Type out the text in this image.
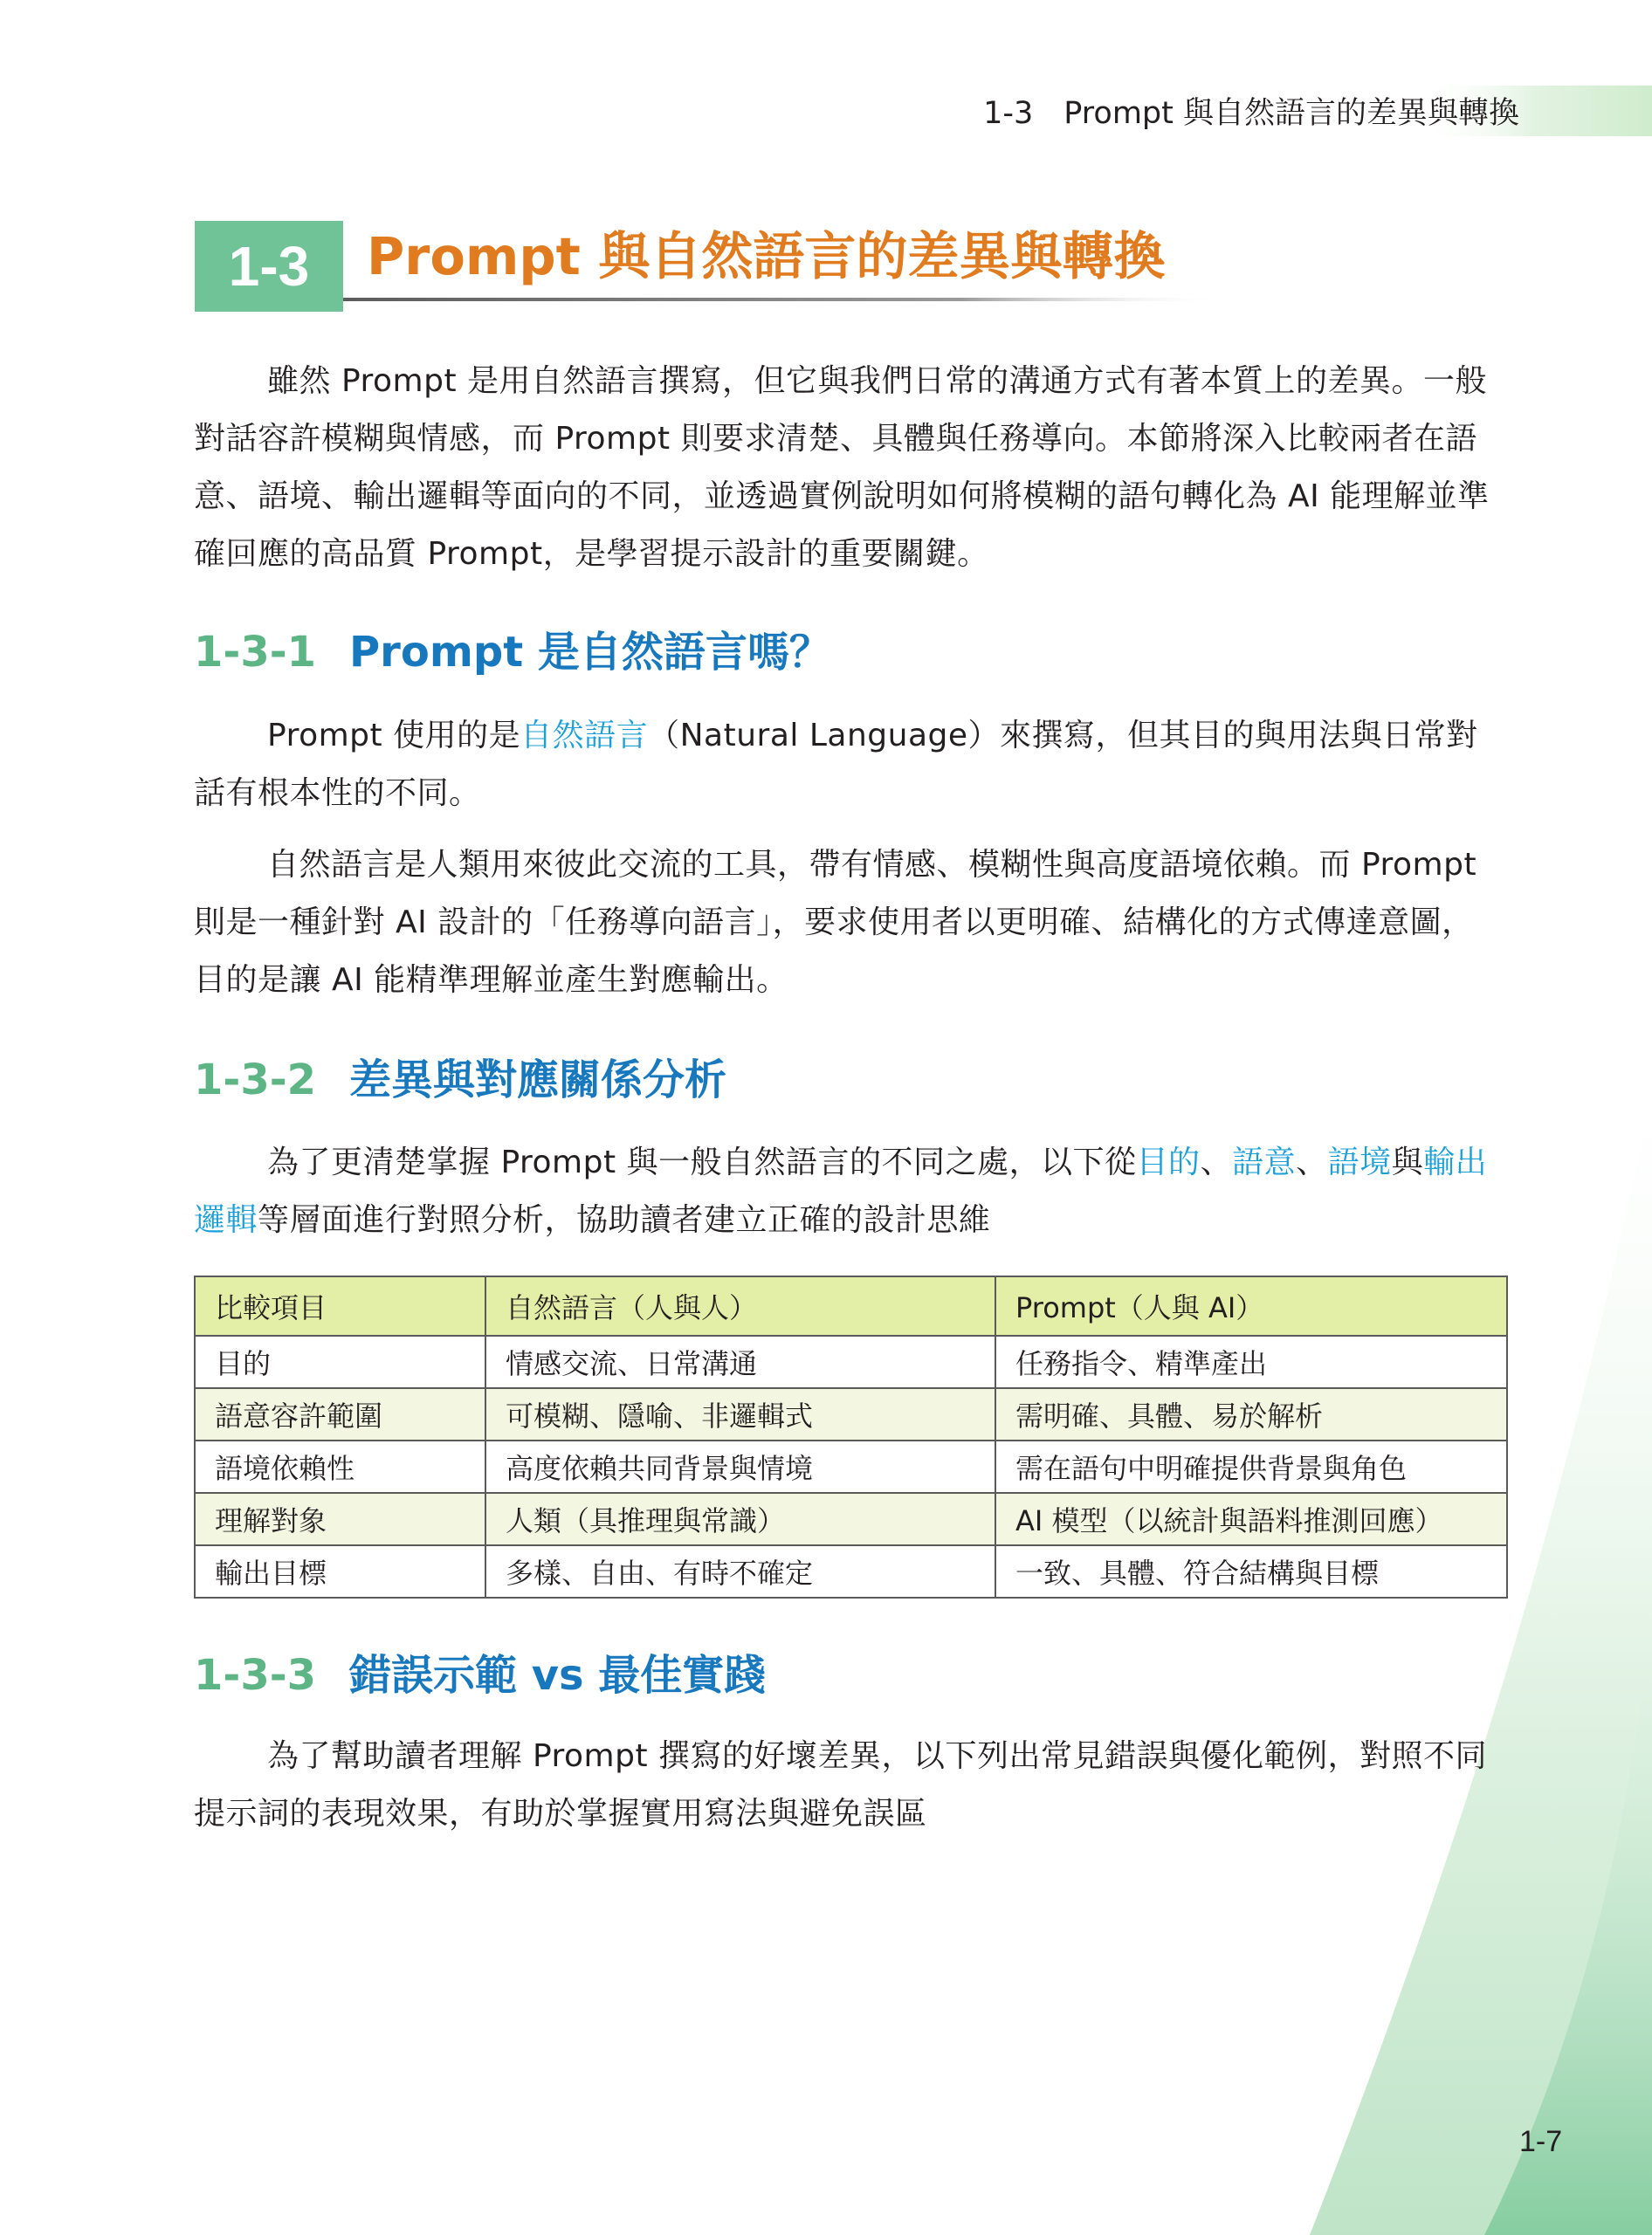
1-3　Prompt 與自然語言的差異與轉換
1-3	Prompt 與自然語言的差異與轉換

雖然 Prompt 是用自然語言撰寫，但它與我們日常的溝通方式有著本質上的差異。一般對話容許模糊與情感，而 Prompt 則要求清楚、具體與任務導向。本節將深入比較兩者在語意、語境、輸出邏輯等面向的不同，並透過實例說明如何將模糊的語句轉化為 AI 能理解並準確回應的高品質 Prompt，是學習提示設計的重要關鍵。

1-3-1 Prompt 是自然語言嗎？

Prompt 使用的是自然語言（Natural Language）來撰寫，但其目的與用法與日常對話有根本性的不同。

自然語言是人類用來彼此交流的工具，帶有情感、模糊性與高度語境依賴。而 Prompt 則是一種針對 AI 設計的「任務導向語言」，要求使用者以更明確、結構化的方式傳達意圖，目的是讓 AI 能精準理解並產生對應輸出。

1-3-2 差異與對應關係分析

為了更清楚掌握 Prompt 與一般自然語言的不同之處，以下從目的、語意、語境與輸出邏輯等層面進行對照分析，協助讀者建立正確的設計思維

比較項目	自然語言（人與人）	Prompt（人與 AI）
目的	情感交流、日常溝通	任務指令、精準產出
語意容許範圍	可模糊、隱喻、非邏輯式	需明確、具體、易於解析
語境依賴性	高度依賴共同背景與情境	需在語句中明確提供背景與角色
理解對象	人類（具推理與常識）	AI 模型（以統計與語料推測回應）
輸出目標	多樣、自由、有時不確定	一致、具體、符合結構與目標
1-3-3 錯誤示範 vs 最佳實踐

為了幫助讀者理解 Prompt 撰寫的好壞差異，以下列出常見錯誤與優化範例，對照不同提示詞的表現效果，有助於掌握實用寫法與避免誤區

1-7
